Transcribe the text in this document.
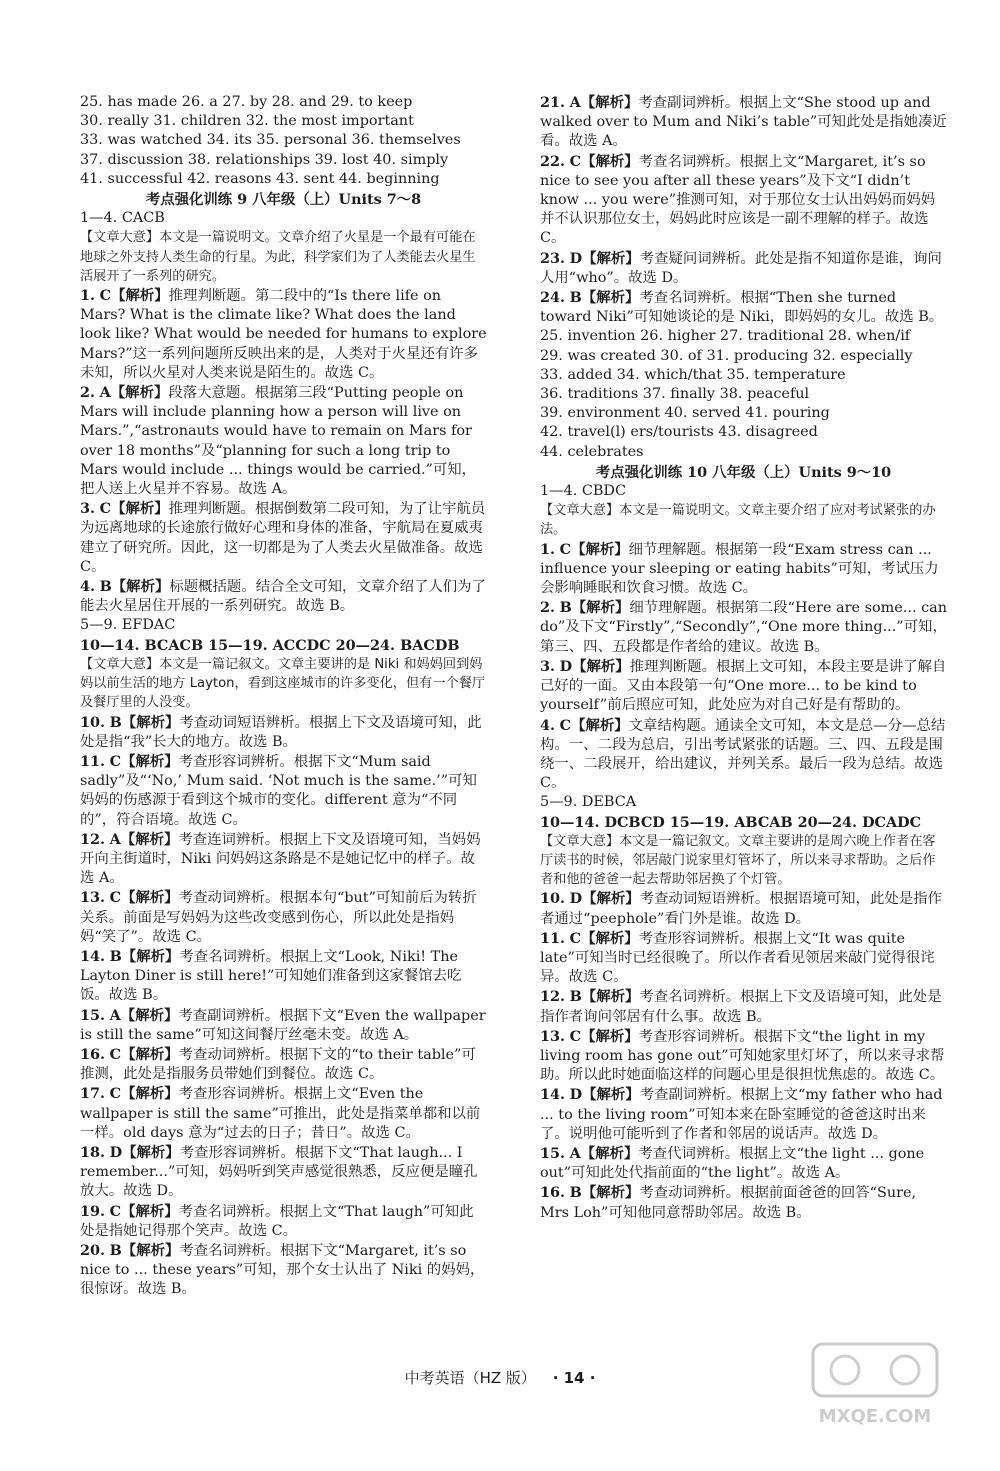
25. has made 26. a 27. by 28. and 29. to keep
30. really 31. children 32. the most important
33. was watched 34. its 35. personal 36. themselves
37. discussion 38. relationships 39. lost 40. simply
41. successful 42. reasons 43. sent 44. beginning
考点强化训练 9 八年级（上）Units 7～8
1—4. CACB
【文章大意】本文是一篇说明文。文章介绍了火星是一个最有可能在地球之外支持人类生命的行星。为此，科学家们为了人类能去火星生活展开了一系列的研究。
1. C【解析】推理判断题。第二段中的“Is there life on Mars? What is the climate like? What does the land look like? What would be needed for humans to explore Mars?”这一系列问题所反映出来的是，人类对于火星还有许多未知，所以火星对人类来说是陌生的。故选 C。
2. A【解析】段落大意题。根据第三段“Putting people on Mars will include planning how a person will live on Mars.”,“astronauts would have to remain on Mars for over 18 months”及“planning for such a long trip to Mars would include ... things would be carried.”可知，把人送上火星并不容易。故选 A。
3. C【解析】推理判断题。根据倒数第二段可知，为了让宇航员为远离地球的长途旅行做好心理和身体的准备，宇航局在夏威夷建立了研究所。因此，这一切都是为了人类去火星做准备。故选 C。
4. B【解析】标题概括题。结合全文可知，文章介绍了人们为了能去火星居住开展的一系列研究。故选 B。
5—9. EFDAC
10—14. BCACB 15—19. ACCDC 20—24. BACDB
【文章大意】本文是一篇记叙文。文章主要讲的是 Niki 和妈妈回到妈妈以前生活的地方 Layton，看到这座城市的许多变化，但有一个餐厅及餐厅里的人没变。
10. B【解析】考查动词短语辨析。根据上下文及语境可知，此处是指“我”长大的地方。故选 B。
11. C【解析】考查形容词辨析。根据下文“Mum said sadly”及“‘No,’ Mum said. ‘Not much is the same.’”可知妈妈的伤感源于看到这个城市的变化。different 意为“不同的”，符合语境。故选 C。
12. A【解析】考查连词辨析。根据上下文及语境可知，当妈妈开向主街道时，Niki 问妈妈这条路是不是她记忆中的样子。故选 A。
13. C【解析】考查动词辨析。根据本句“but”可知前后为转折关系。前面是写妈妈为这些改变感到伤心，所以此处是指妈妈“笑了”。故选 C。
14. B【解析】考查名词辨析。根据上文“Look, Niki! The Layton Diner is still here!”可知她们准备到这家餐馆去吃饭。故选 B。
15. A【解析】考查副词辨析。根据下文“Even the wallpaper is still the same”可知这间餐厅丝毫未变。故选 A。
16. C【解析】考查动词辨析。根据下文的“to their table”可推测，此处是指服务员带她们到餐位。故选 C。
17. C【解析】考查形容词辨析。根据上文“Even the wallpaper is still the same”可推出，此处是指菜单都和以前一样。old days 意为“过去的日子；昔日”。故选 C。
18. D【解析】考查形容词辨析。根据下文“That laugh... I remember...”可知，妈妈听到笑声感觉很熟悉，反应便是瞳孔放大。故选 D。
19. C【解析】考查名词辨析。根据上文“That laugh”可知此处是指她记得那个笑声。故选 C。
20. B【解析】考查名词辨析。根据下文“Margaret, it’s so nice to ... these years”可知，那个女士认出了 Niki 的妈妈，很惊讶。故选 B。
21. A【解析】考查副词辨析。根据上文“She stood up and walked over to Mum and Niki’s table”可知此处是指她凑近看。故选 A。
22. C【解析】考查名词辨析。根据上文“Margaret, it’s so nice to see you after all these years”及下文“I didn’t know ... you were”推测可知，对于那位女士认出妈妈而妈妈并不认识那位女士，妈妈此时应该是一副不理解的样子。故选 C。
23. D【解析】考查疑问词辨析。此处是指不知道你是谁，询问人用“who”。故选 D。
24. B【解析】考查名词辨析。根据“Then she turned toward Niki”可知她谈论的是 Niki，即妈妈的女儿。故选 B。
25. invention 26. higher 27. traditional 28. when/if
29. was created 30. of 31. producing 32. especially
33. added 34. which/that 35. temperature
36. traditions 37. finally 38. peaceful
39. environment 40. served 41. pouring
42. travel(l) ers/tourists 43. disagreed
44. celebrates
考点强化训练 10 八年级（上）Units 9～10
1—4. CBDC
【文章大意】本文是一篇说明文。文章主要介绍了应对考试紧张的办法。
1. C【解析】细节理解题。根据第一段“Exam stress can ... influence your sleeping or eating habits”可知，考试压力会影响睡眠和饮食习惯。故选 C。
2. B【解析】细节理解题。根据第二段“Here are some... can do”及下文“Firstly”,“Secondly”,“One more thing...”可知，第三、四、五段都是作者给的建议。故选 B。
3. D【解析】推理判断题。根据上文可知，本段主要是讲了解自己好的一面。又由本段第一句“One more... to be kind to yourself”前后照应可知，此处应为对自己好是有帮助的。
4. C【解析】文章结构题。通读全文可知，本文是总—分—总结构。一、二段为总启，引出考试紧张的话题。三、四、五段是围绕一、二段展开，给出建议，并列关系。最后一段为总结。故选 C。
5—9. DEBCA
10—14. DCBCD 15—19. ABCAB 20—24. DCADC
【文章大意】本文是一篇记叙文。文章主要讲的是周六晚上作者在客厅读书的时候，邻居敲门说家里灯管坏了，所以来寻求帮助。之后作者和他的爸爸一起去帮助邻居换了个灯管。
10. D【解析】考查动词短语辨析。根据语境可知，此处是指作者通过“peephole”看门外是谁。故选 D。
11. C【解析】考查形容词辨析。根据上文“It was quite late”可知当时已经很晚了。所以作者看见领居来敲门觉得很诧异。故选 C。
12. B【解析】考查名词辨析。根据上下文及语境可知，此处是指作者询问邻居有什么事。故选 B。
13. C【解析】考查形容词辨析。根据下文“the light in my living room has gone out”可知她家里灯坏了，所以来寻求帮助。所以此时她面临这样的问题心里是很担忧焦虑的。故选 C。
14. D【解析】考查副词辨析。根据上文“my father who had ... to the living room”可知本来在卧室睡觉的爸爸这时出来了。说明他可能听到了作者和邻居的说话声。故选 D。
15. A【解析】考查代词辨析。根据上文“the light ... gone out”可知此处代指前面的“the light”。故选 A。
16. B【解析】考查动词辨析。根据前面爸爸的回答“Sure, Mrs Loh”可知他同意帮助邻居。故选 B。
中考英语（HZ 版） · 14 ·
MXQE.COM
